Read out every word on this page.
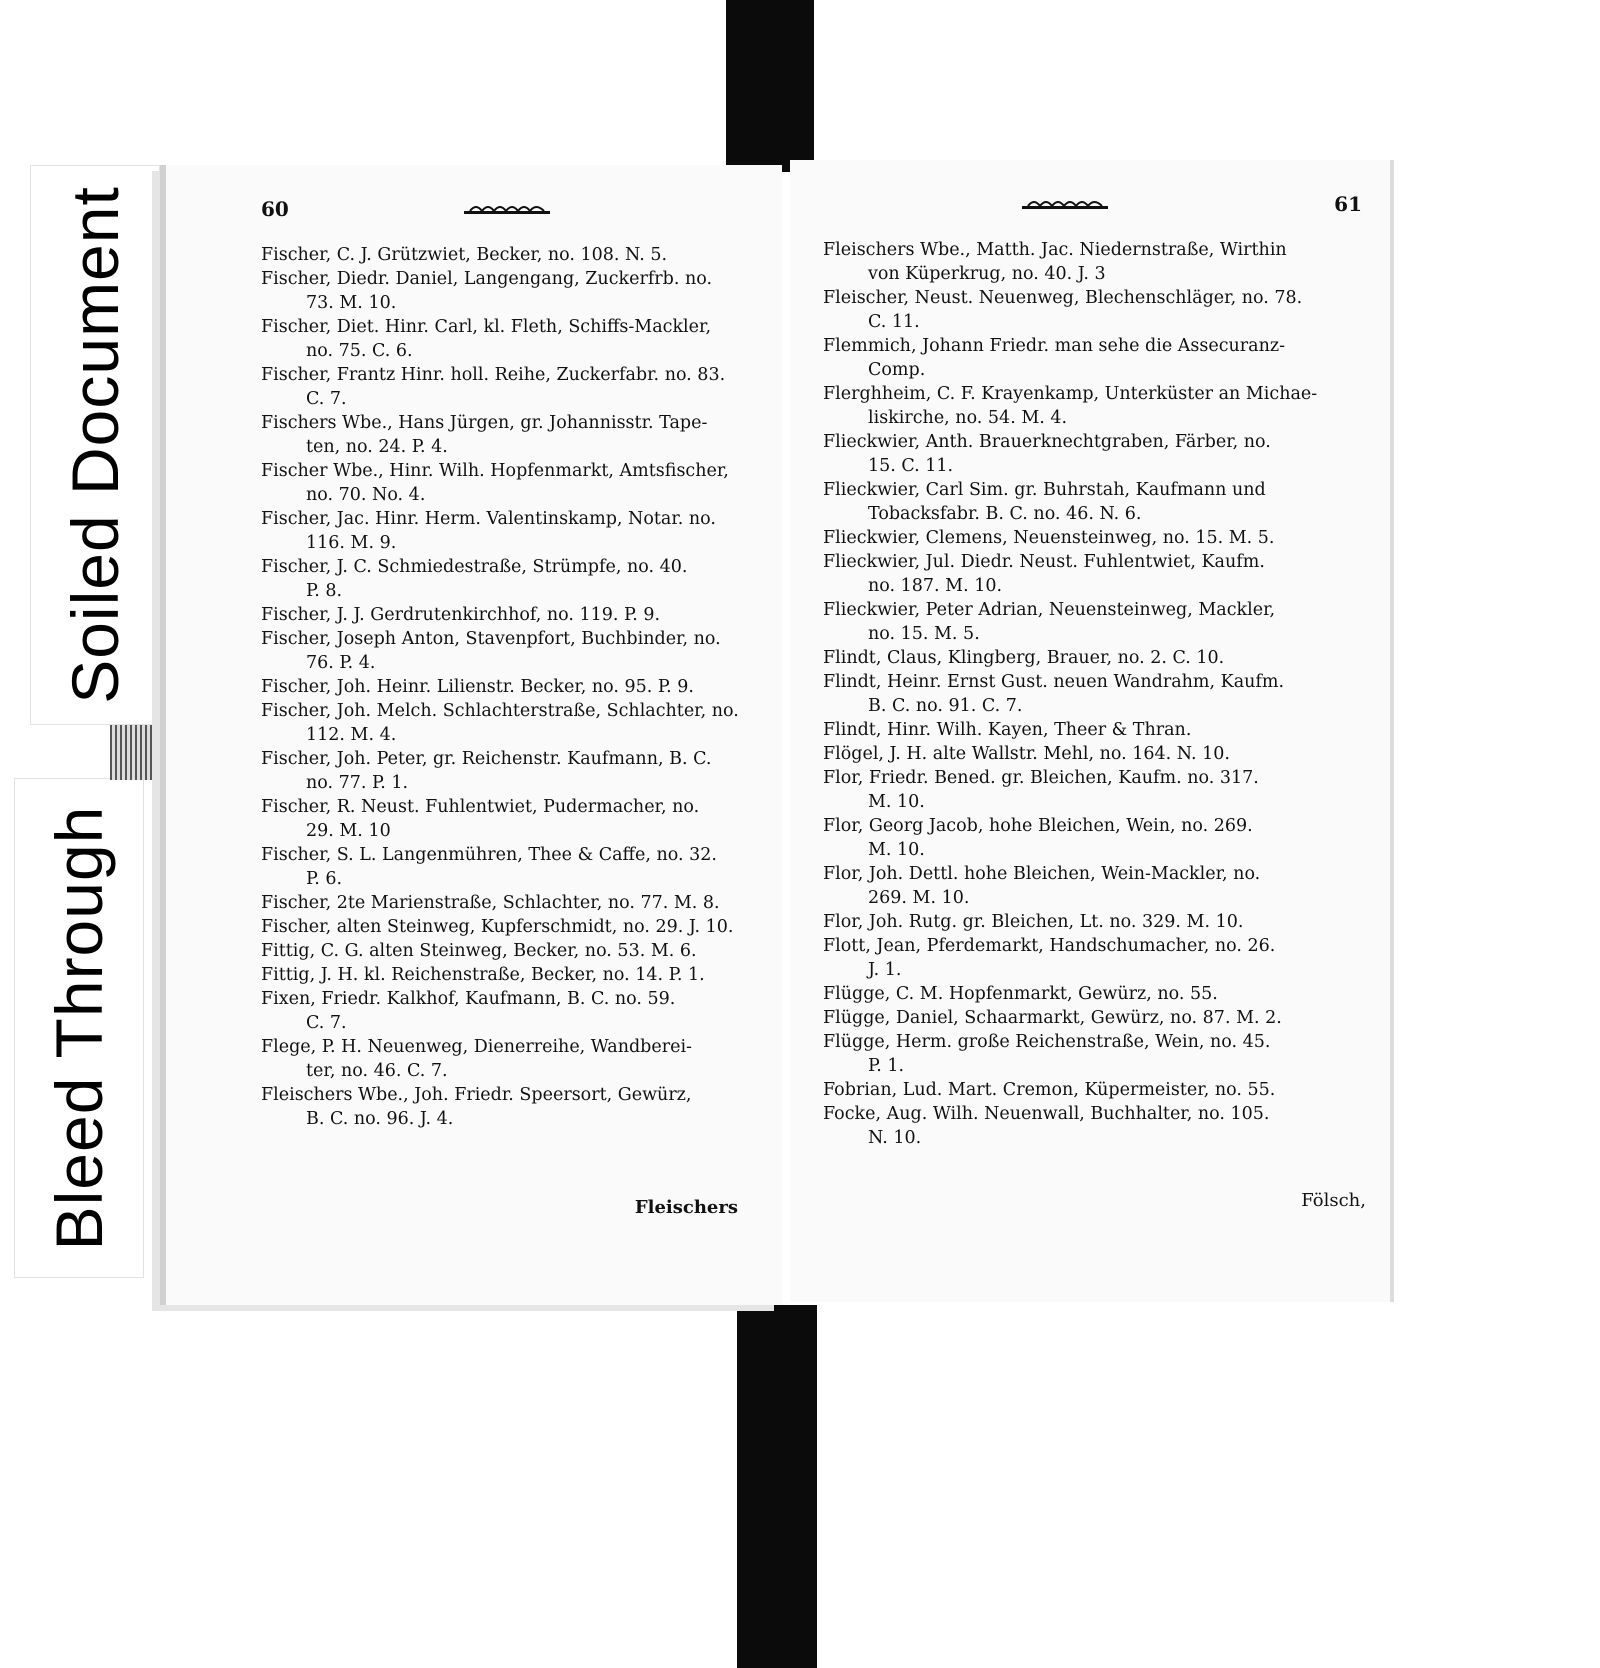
Soiled Document
Bleed Through
60
Fischer, C. J. Grützwiet, Becker, no. 108. N. 5.
Fischer, Diedr. Daniel, Langengang, Zuckerfrb. no.
73. M. 10.
Fischer, Diet. Hinr. Carl, kl. Fleth, Schiffs-Mackler,
no. 75. C. 6.
Fischer, Frantz Hinr. holl. Reihe, Zuckerfabr. no. 83.
C. 7.
Fischers Wbe., Hans Jürgen, gr. Johannisstr. Tape-
ten, no. 24. P. 4.
Fischer Wbe., Hinr. Wilh. Hopfenmarkt, Amtsfischer,
no. 70. No. 4.
Fischer, Jac. Hinr. Herm. Valentinskamp, Notar. no.
116. M. 9.
Fischer, J. C. Schmiedestraße, Strümpfe, no. 40.
P. 8.
Fischer, J. J. Gerdrutenkirchhof, no. 119. P. 9.
Fischer, Joseph Anton, Stavenpfort, Buchbinder, no.
76. P. 4.
Fischer, Joh. Heinr. Lilienstr. Becker, no. 95. P. 9.
Fischer, Joh. Melch. Schlachterstraße, Schlachter, no.
112. M. 4.
Fischer, Joh. Peter, gr. Reichenstr. Kaufmann, B. C.
no. 77. P. 1.
Fischer, R. Neust. Fuhlentwiet, Pudermacher, no.
29. M. 10
Fischer, S. L. Langenmühren, Thee & Caffe, no. 32.
P. 6.
Fischer, 2te Marienstraße, Schlachter, no. 77. M. 8.
Fischer, alten Steinweg, Kupferschmidt, no. 29. J. 10.
Fittig, C. G. alten Steinweg, Becker, no. 53. M. 6.
Fittig, J. H. kl. Reichenstraße, Becker, no. 14. P. 1.
Fixen, Friedr. Kalkhof, Kaufmann, B. C. no. 59.
C. 7.
Flege, P. H. Neuenweg, Dienerreihe, Wandberei-
ter, no. 46. C. 7.
Fleischers Wbe., Joh. Friedr. Speersort, Gewürz,
B. C. no. 96. J. 4.
Fleischers
61
Fleischers Wbe., Matth. Jac. Niedernstraße, Wirthin
von Küperkrug, no. 40. J. 3
Fleischer, Neust. Neuenweg, Blechenschläger, no. 78.
C. 11.
Flemmich, Johann Friedr. man sehe die Assecuranz-
Comp.
Flerghheim, C. F. Krayenkamp, Unterküster an Michae-
liskirche, no. 54. M. 4.
Flieckwier, Anth. Brauerknechtgraben, Färber, no.
15. C. 11.
Flieckwier, Carl Sim. gr. Buhrstah, Kaufmann und
Tobacksfabr. B. C. no. 46. N. 6.
Flieckwier, Clemens, Neuensteinweg, no. 15. M. 5.
Flieckwier, Jul. Diedr. Neust. Fuhlentwiet, Kaufm.
no. 187. M. 10.
Flieckwier, Peter Adrian, Neuensteinweg, Mackler,
no. 15. M. 5.
Flindt, Claus, Klingberg, Brauer, no. 2. C. 10.
Flindt, Heinr. Ernst Gust. neuen Wandrahm, Kaufm.
B. C. no. 91. C. 7.
Flindt, Hinr. Wilh. Kayen, Theer & Thran.
Flögel, J. H. alte Wallstr. Mehl, no. 164. N. 10.
Flor, Friedr. Bened. gr. Bleichen, Kaufm. no. 317.
M. 10.
Flor, Georg Jacob, hohe Bleichen, Wein, no. 269.
M. 10.
Flor, Joh. Dettl. hohe Bleichen, Wein-Mackler, no.
269. M. 10.
Flor, Joh. Rutg. gr. Bleichen, Lt. no. 329. M. 10.
Flott, Jean, Pferdemarkt, Handschumacher, no. 26.
J. 1.
Flügge, C. M. Hopfenmarkt, Gewürz, no. 55.
Flügge, Daniel, Schaarmarkt, Gewürz, no. 87. M. 2.
Flügge, Herm. große Reichenstraße, Wein, no. 45.
P. 1.
Fobrian, Lud. Mart. Cremon, Küpermeister, no. 55.
Focke, Aug. Wilh. Neuenwall, Buchhalter, no. 105.
N. 10.
Fölsch,
